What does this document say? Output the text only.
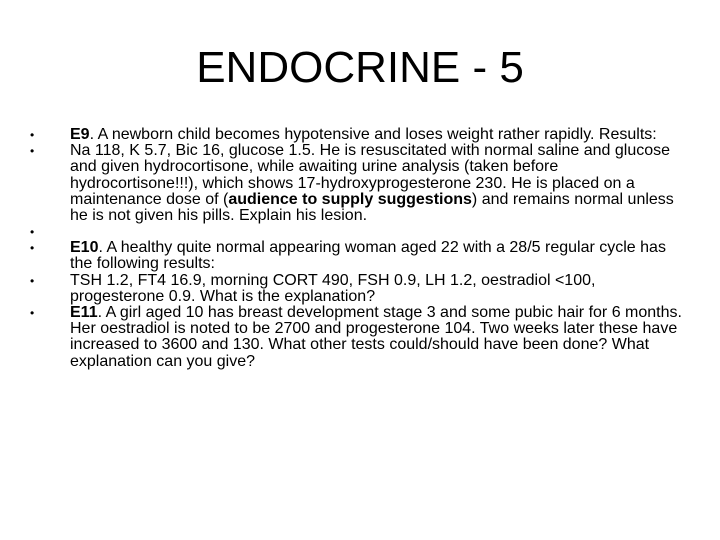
ENDOCRINE - 5
• E9. A newborn child becomes hypotensive and loses weight rather rapidly. Results:
• Na 118, K 5.7, Bic 16, glucose 1.5. He is resuscitated with normal saline and glucose and given hydrocortisone, while awaiting urine analysis (taken before hydrocortisone!!!), which shows 17-hydroxyprogesterone 230. He is placed on a maintenance dose of (audience to supply suggestions) and remains normal unless he is not given his pills. Explain his lesion.
•
• E10. A healthy quite normal appearing woman aged 22 with a 28/5 regular cycle has the following results:
• TSH 1.2, FT4 16.9, morning CORT 490, FSH 0.9, LH 1.2, oestradiol <100, progesterone 0.9. What is the explanation?
• E11. A girl aged 10 has breast development stage 3 and some pubic hair for 6 months. Her oestradiol is noted to be 2700 and progesterone 104. Two weeks later these have increased to 3600 and 130. What other tests could/should have been done? What explanation can you give?
